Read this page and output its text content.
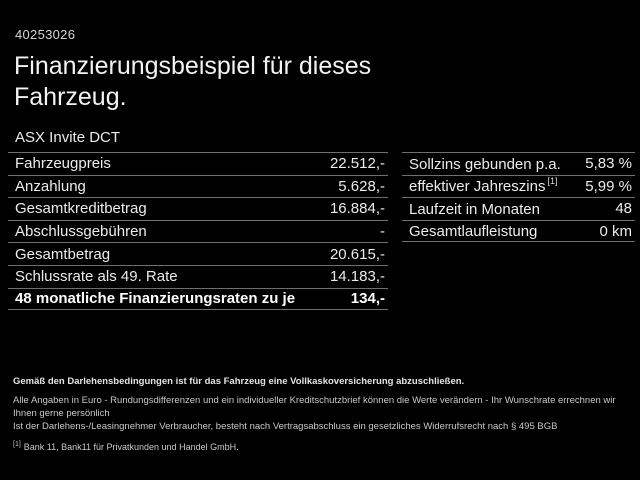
40253026
Finanzierungsbeispiel für dieses
Fahrzeug.
ASX Invite DCT
Fahrzeugpreis	22.512,-
Anzahlung	5.628,-
Gesamtkreditbetrag	16.884,-
Abschlussgebühren	-
Gesamtbetrag	20.615,-
Schlussrate als 49. Rate	14.183,-
48 monatliche Finanzierungsraten zu je	134,-
Sollzins gebunden p.a. 5,83 %
effektiver Jahreszins [1] 5,99 %
Laufzeit in Monaten	48
Gesamtlaufleistung	0 km
Gemäß den Darlehensbedingungen ist für das Fahrzeug eine Vollkaskoversicherung abzuschließen.
Alle Angaben in Euro - Rundungsdifferenzen und ein individueller Kreditschutzbrief können die Werte verändern - Ihr Wunschrate errechnen wir Ihnen gerne persönlich
Ist der Darlehens-/Leasingnehmer Verbraucher, besteht nach Vertragsabschluss ein gesetzliches Widerrufsrecht nach § 495 BGB
[1] Bank 11, Bank11 für Privatkunden und Handel GmbH.
